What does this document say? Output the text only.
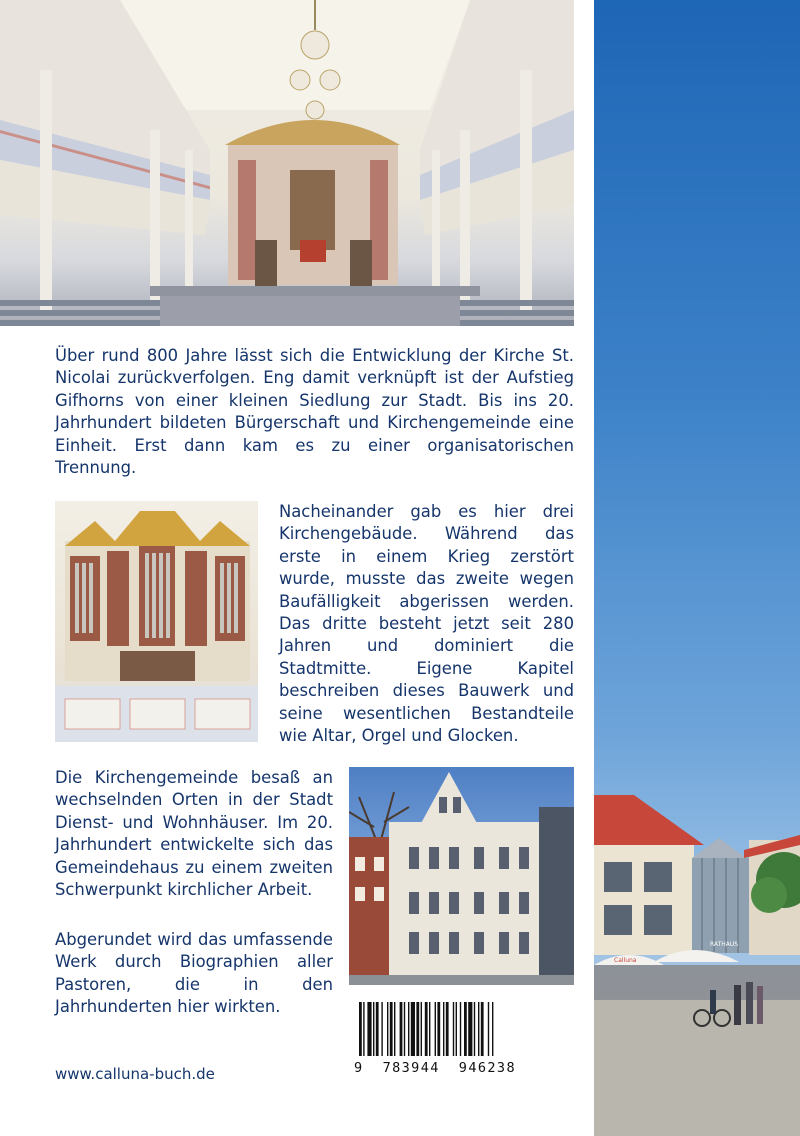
Über rund 800 Jahre lässt sich die Entwicklung der Kirche St. Nicolai zurückverfolgen. Eng damit verknüpft ist der Aufstieg Gifhorns von einer kleinen Siedlung zur Stadt. Bis ins 20. Jahrhundert bildeten Bürgerschaft und Kirchengemeinde eine Einheit. Erst dann kam es zu einer organisatorischen Trennung.

Nacheinander gab es hier drei Kirchengebäude. Während das erste in einem Krieg zerstört wurde, musste das zweite wegen Baufälligkeit abgerissen werden. Das dritte besteht jetzt seit 280 Jahren und dominiert die Stadtmitte. Eigene Kapitel beschreiben dieses Bauwerk und seine wesentlichen Bestandteile wie Altar, Orgel und Glocken.

Die Kirchengemeinde besaß an wechselnden Orten in der Stadt Dienst- und Wohnhäuser. Im 20. Jahrhundert entwickelte sich das Gemeindehaus zu einem zweiten Schwerpunkt kirchlicher Arbeit.

Abgerundet wird das umfassende Werk durch Biographien aller Pastoren, die in den Jahrhunderten hier wirkten.

www.calluna-buch.de	9  783944  946238
RATHAUS
Calluna
